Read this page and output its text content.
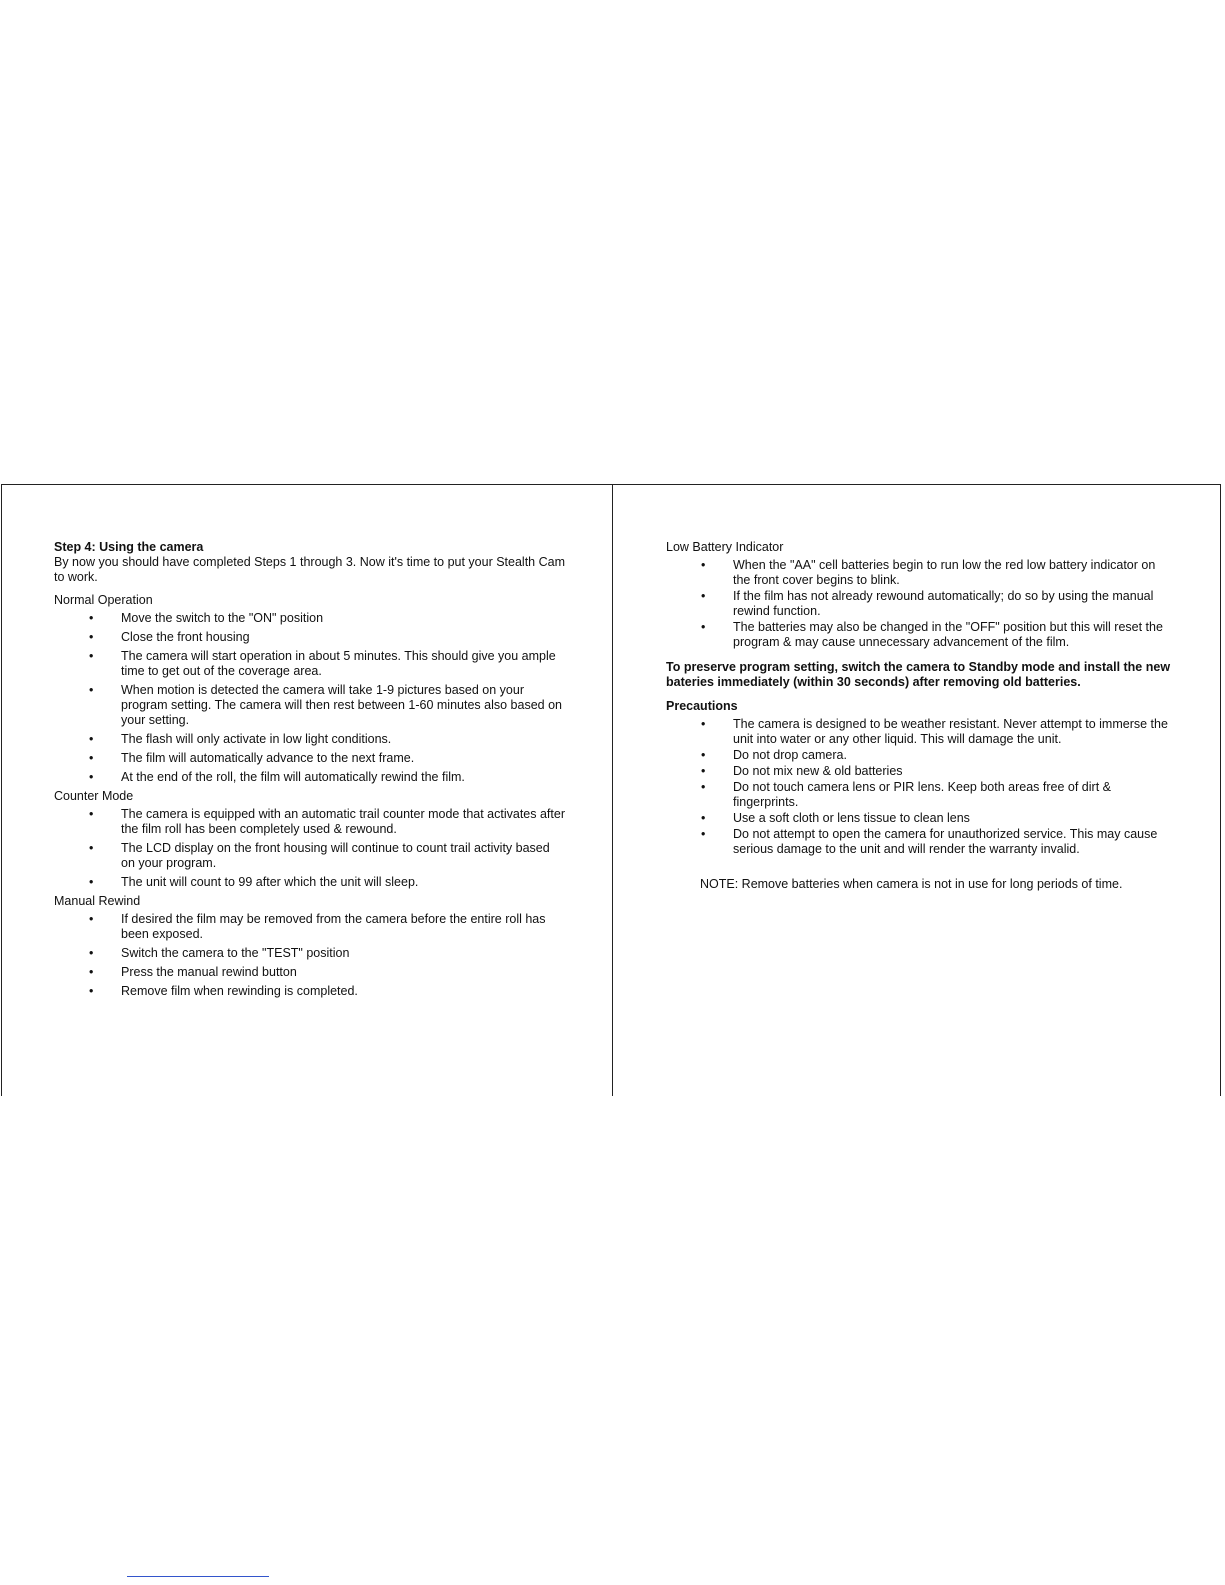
Step 4: Using the camera
By now you should have completed Steps 1 through 3. Now it's time to put your Stealth Cam to work.
Normal Operation
• Move the switch to the "ON" position
• Close the front housing
• The camera will start operation in about 5 minutes. This should give you ample time to get out of the coverage area.
• When motion is detected the camera will take 1-9 pictures based on your program setting. The camera will then rest between 1-60 minutes also based on your setting.
• The flash will only activate in low light conditions.
• The film will automatically advance to the next frame.
• At the end of the roll, the film will automatically rewind the film.
Counter Mode
• The camera is equipped with an automatic trail counter mode that activates after the film roll has been completely used & rewound.
• The LCD display on the front housing will continue to count trail activity based on your program.
• The unit will count to 99 after which the unit will sleep.
Manual Rewind
• If desired the film may be removed from the camera before the entire roll has been exposed.
• Switch the camera to the "TEST" position
• Press the manual rewind button
• Remove film when rewinding is completed.
Low Battery Indicator
• When the "AA" cell batteries begin to run low the red low battery indicator on the front cover begins to blink.
• If the film has not already rewound automatically; do so by using the manual rewind function.
• The batteries may also be changed in the "OFF" position but this will reset the program & may cause unnecessary advancement of the film.
To preserve program setting, switch the camera to Standby mode and install the new bateries immediately (within 30 seconds) after removing old batteries.
Precautions
• The camera is designed to be weather resistant. Never attempt to immerse the unit into water or any other liquid. This will damage the unit.
• Do not drop camera.
• Do not mix new & old batteries
• Do not touch camera lens or PIR lens. Keep both areas free of dirt & fingerprints.
• Use a soft cloth or lens tissue to clean lens
• Do not attempt to open the camera for unauthorized service. This may cause serious damage to the unit and will render the warranty invalid.
NOTE: Remove batteries when camera is not in use for long periods of time.
